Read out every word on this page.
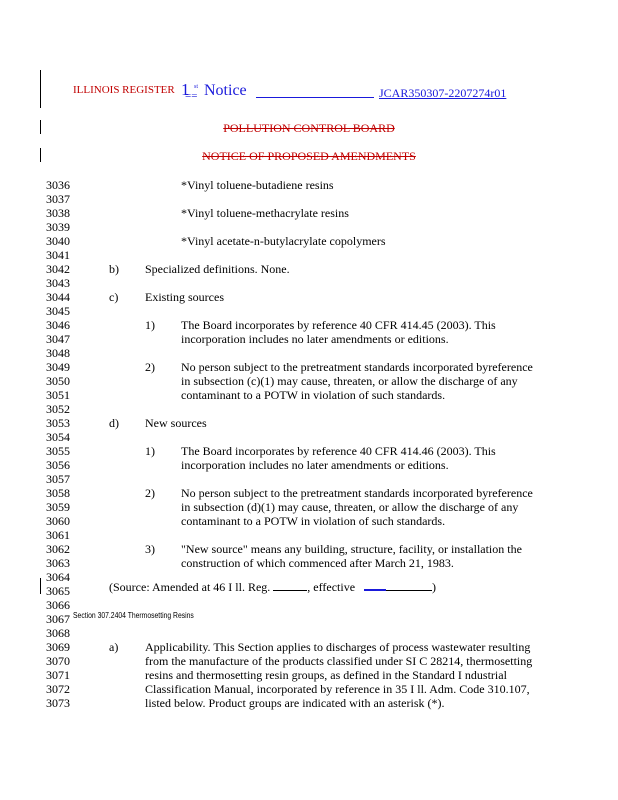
ILLINOIS REGISTER 1 st
== Notice	JCAR350307-2207274r01
POLLUTION CONTROL BOARD
NOTICE OF PROPOSED AMENDMENTS
3036	*Vinyl toluene-butadiene resins
3037
3038	*Vinyl toluene-methacrylate resins
3039
3040	*Vinyl acetate-n-butylacrylate copolymers
3041
3042	b) Specialized definitions. None.
3043
3044	c) Existing sources
3045
3046	1) The Board incorporates by reference 40 CFR 414.45 (2003). This
3047	incorporation includes no later amendments or editions.
3048
3049	2) No person subject to the pretreatment standards incorporated byreference
3050	in subsection (c)(1) may cause, threaten, or allow the discharge of any
3051	contaminant to a POTW in violation of such standards.
3052
3053	d) New sources
3054
3055	1) The Board incorporates by reference 40 CFR 414.46 (2003). This
3056	incorporation includes no later amendments or editions.
3057
3058	2) No person subject to the pretreatment standards incorporated byreference
3059	in subsection (d)(1) may cause, threaten, or allow the discharge of any
3060	contaminant to a POTW in violation of such standards.
3061
3062	3) "New source" means any building, structure, facility, or installation the
3063	construction of which commenced after March 21, 1983.
3064
3065
3066
3067
3068
3069	a) Applicability. This Section applies to discharges of process wastewater resulting
3070	from the manufacture of the products classified under SI C 28214, thermosetting
3071	resins and thermosetting resin groups, as defined in the Standard I ndustrial
3072	Classification Manual, incorporated by reference in 35 I ll. Adm. Code 310.107,
3073	listed below. Product groups are indicated with an asterisk (*).
(Source: Amended at 46 I ll. Reg.	, effective	)
Section 307.2404 Thermosetting Resins
